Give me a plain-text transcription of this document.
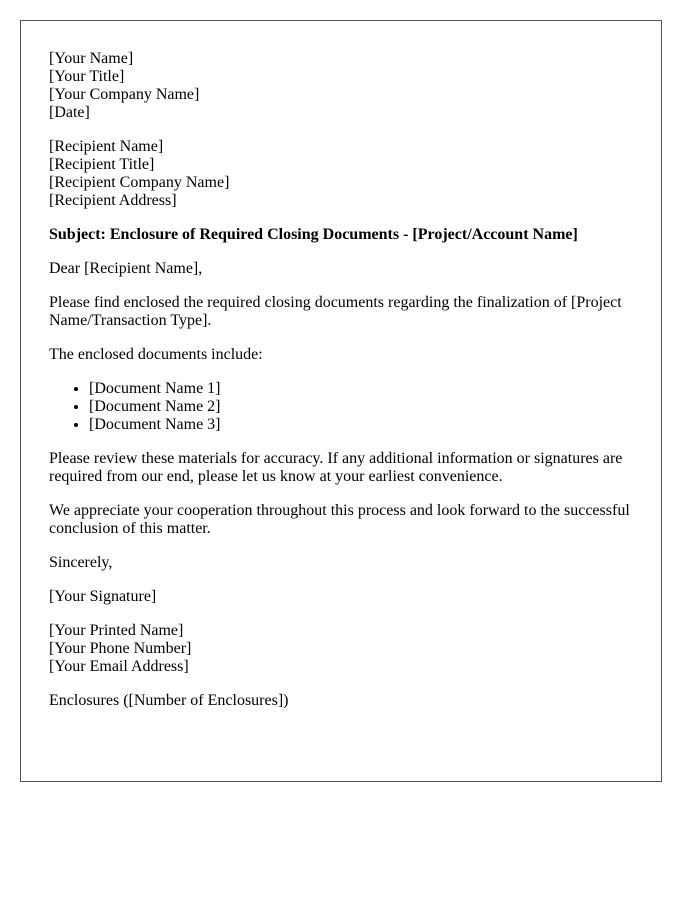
[Your Name]
[Your Title]
[Your Company Name]
[Date]
[Recipient Name]
[Recipient Title]
[Recipient Company Name]
[Recipient Address]
Subject: Enclosure of Required Closing Documents - [Project/Account Name]

Dear [Recipient Name],

Please find enclosed the required closing documents regarding the finalization of [Project Name/Transaction Type].

The enclosed documents include:

• [Document Name 1]
• [Document Name 2]
• [Document Name 3]

Please review these materials for accuracy. If any additional information or signatures are required from our end, please let us know at your earliest convenience.

We appreciate your cooperation throughout this process and look forward to the successful conclusion of this matter.

Sincerely,

[Your Signature]

[Your Printed Name]
[Your Phone Number]
[Your Email Address]

Enclosures ([Number of Enclosures])
